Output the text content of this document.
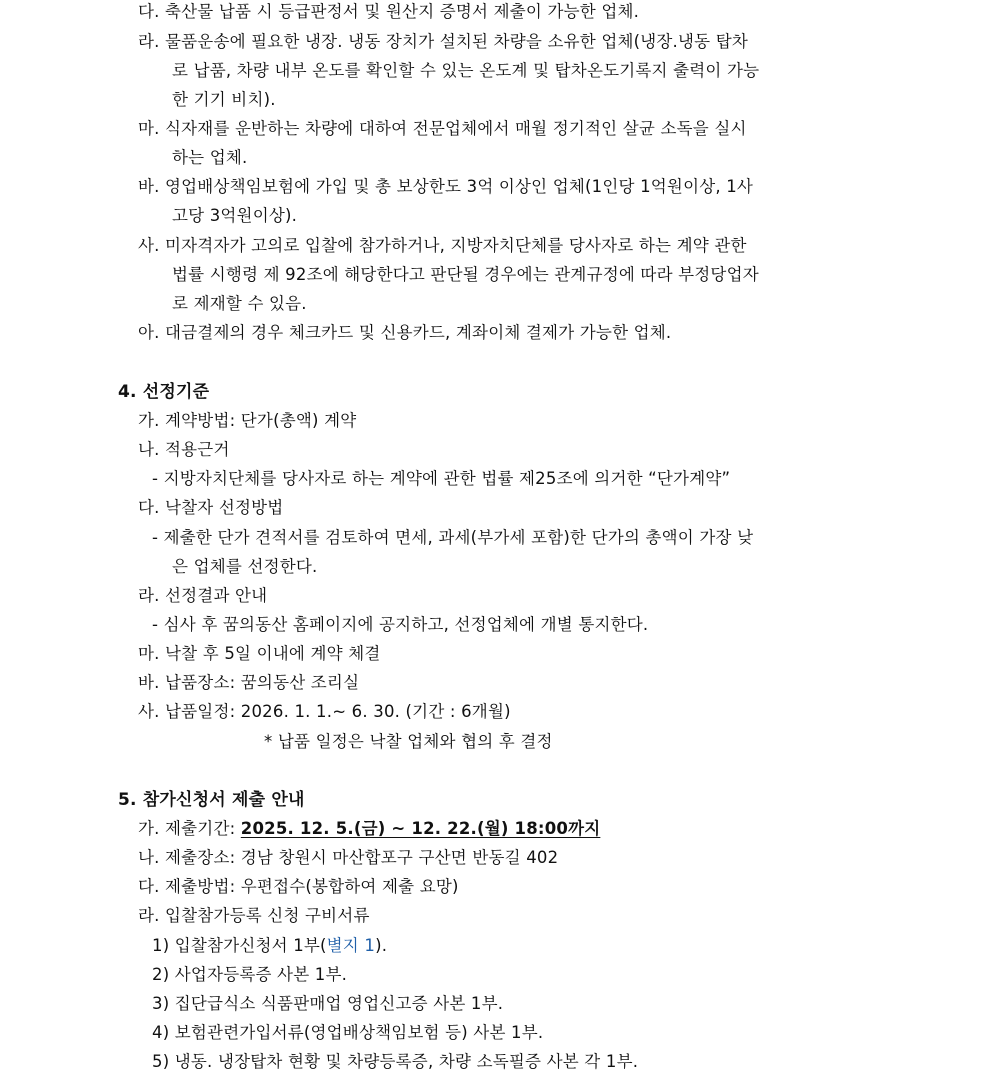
다. 축산물 납품 시 등급판정서 및 원산지 증명서 제출이 가능한 업체.
라. 물품운송에 필요한 냉장. 냉동 장치가 설치된 차량을 소유한 업체(냉장.냉동 탑차
로 납품, 차량 내부 온도를 확인할 수 있는 온도계 및 탑차온도기록지 출력이 가능
한 기기 비치).
마. 식자재를 운반하는 차량에 대하여 전문업체에서 매월 정기적인 살균 소독을 실시
하는 업체.
바. 영업배상책임보험에 가입 및 총 보상한도 3억 이상인 업체(1인당 1억원이상, 1사
고당 3억원이상).
사. 미자격자가 고의로 입찰에 참가하거나, 지방자치단체를 당사자로 하는 계약 관한
법률 시행령 제 92조에 해당한다고 판단될 경우에는 관계규정에 따라 부정당업자
로 제재할 수 있음.
아. 대금결제의 경우 체크카드 및 신용카드, 계좌이체 결제가 가능한 업체.
4. 선정기준
가. 계약방법: 단가(총액) 계약
나. 적용근거
- 지방자치단체를 당사자로 하는 계약에 관한 법률 제25조에 의거한 “단가계약”
다. 낙찰자 선정방법
- 제출한 단가 견적서를 검토하여 면세, 과세(부가세 포함)한 단가의 총액이 가장 낮
은 업체를 선정한다.
라. 선정결과 안내
- 심사 후 꿈의동산 홈페이지에 공지하고, 선정업체에 개별 통지한다.
마. 낙찰 후 5일 이내에 계약 체결
바. 납품장소: 꿈의동산 조리실
사. 납품일정: 2026. 1. 1.~ 6. 30. (기간 : 6개월)
* 납품 일정은 낙찰 업체와 협의 후 결정
5. 참가신청서 제출 안내
가. 제출기간: 2025. 12. 5.(금) ~ 12. 22.(월) 18:00까지
나. 제출장소: 경남 창원시 마산합포구 구산면 반동길 402
다. 제출방법: 우편접수(봉합하여 제출 요망)
라. 입찰참가등록 신청 구비서류
1) 입찰참가신청서 1부(별지 1).
2) 사업자등록증 사본 1부.
3) 집단급식소 식품판매업 영업신고증 사본 1부.
4) 보험관련가입서류(영업배상책임보험 등) 사본 1부.
5) 냉동. 냉장탑차 현황 및 차량등록증, 차량 소독필증 사본 각 1부.
